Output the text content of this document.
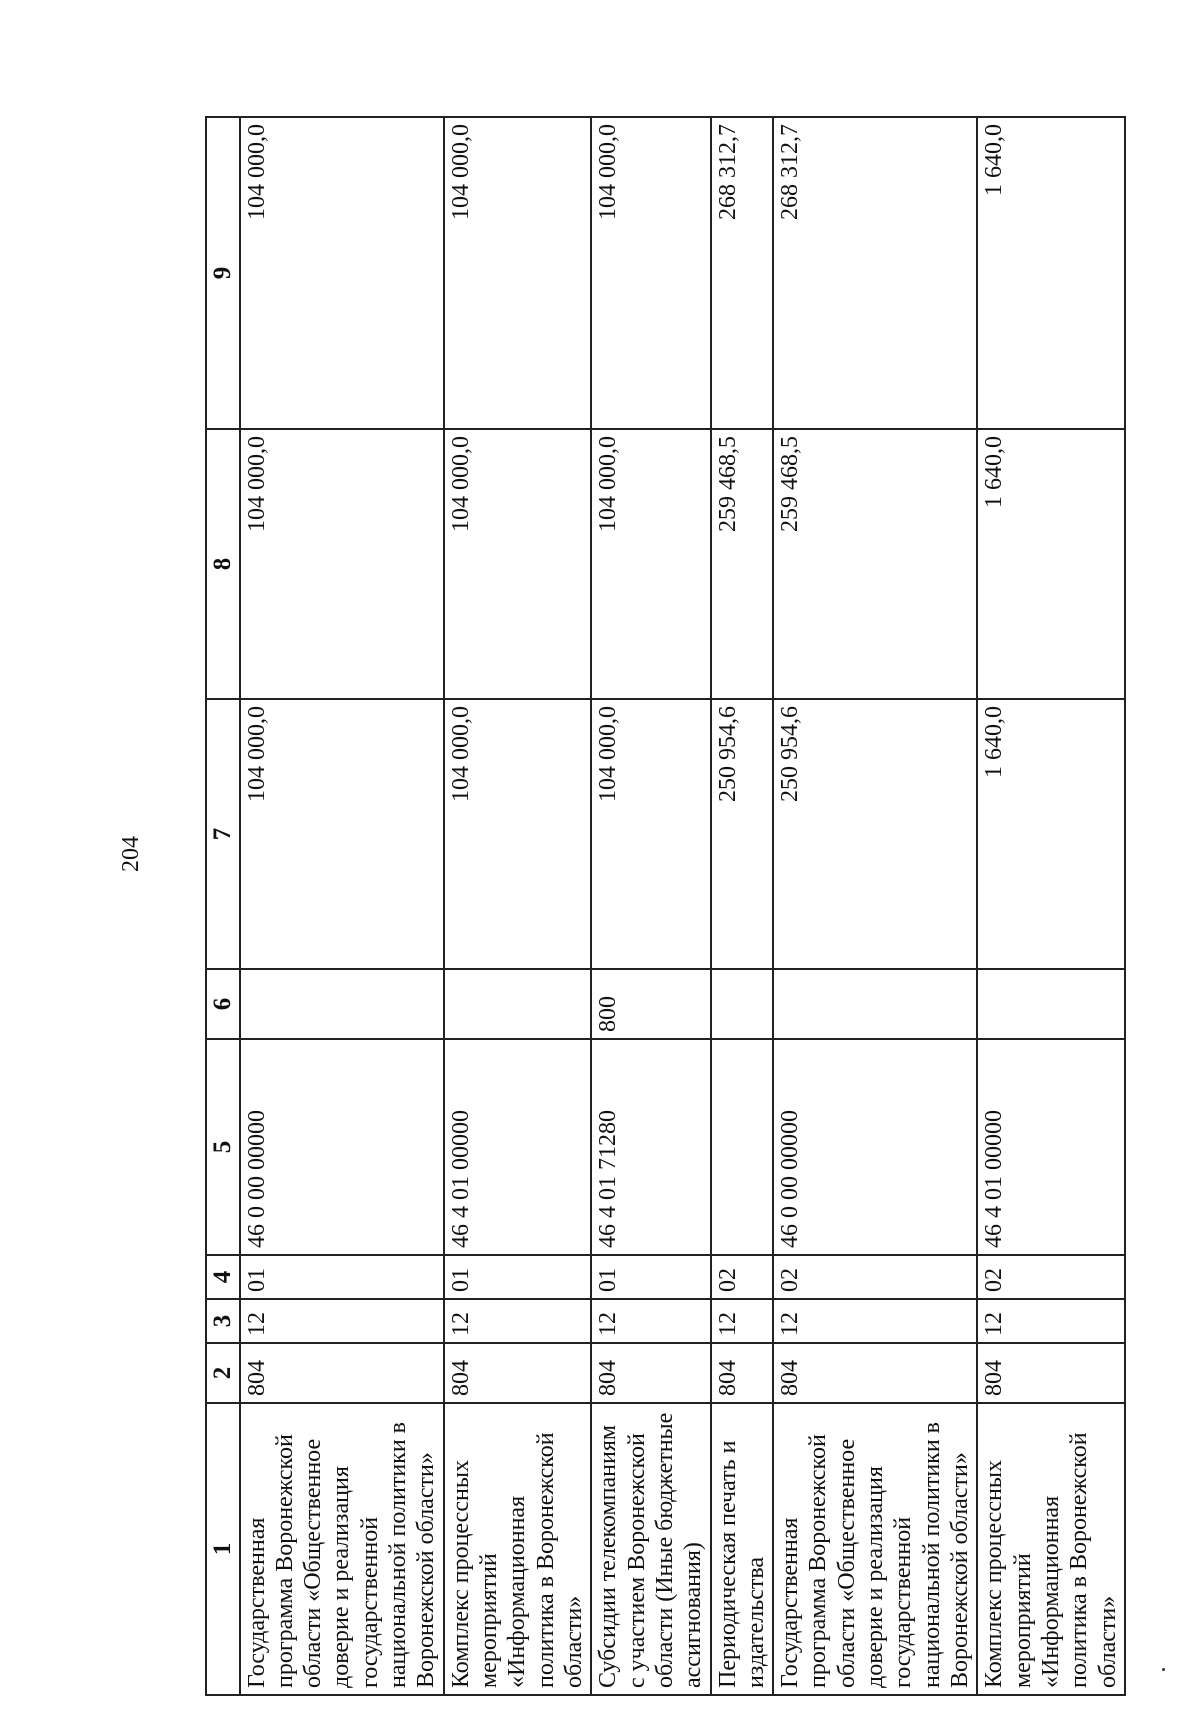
204
1	2	3	4	5	6	7	8	9
Государственная программа Воронежской области «Общественное доверие и реализация государственной национальной политики в Воронежской области»	804	12	01	46 0 00 00000		104 000,0	104 000,0	104 000,0
Комплекс процессных мероприятий «Информационная политика в Воронежской области»	804	12	01	46 4 01 00000		104 000,0	104 000,0	104 000,0
Субсидии телекомпаниям с участием Воронежской области (Иные бюджетные ассигнования)	804	12	01	46 4 01 71280	800	104 000,0	104 000,0	104 000,0
Периодическая печать и издательства	804	12	02			250 954,6	259 468,5	268 312,7
Государственная программа Воронежской области «Общественное доверие и реализация государственной национальной политики в Воронежской области»	804	12	02	46 0 00 00000		250 954,6	259 468,5	268 312,7
Комплекс процессных мероприятий «Информационная политика в Воронежской области»	804	12	02	46 4 01 00000		1 640,0	1 640,0	1 640,0
